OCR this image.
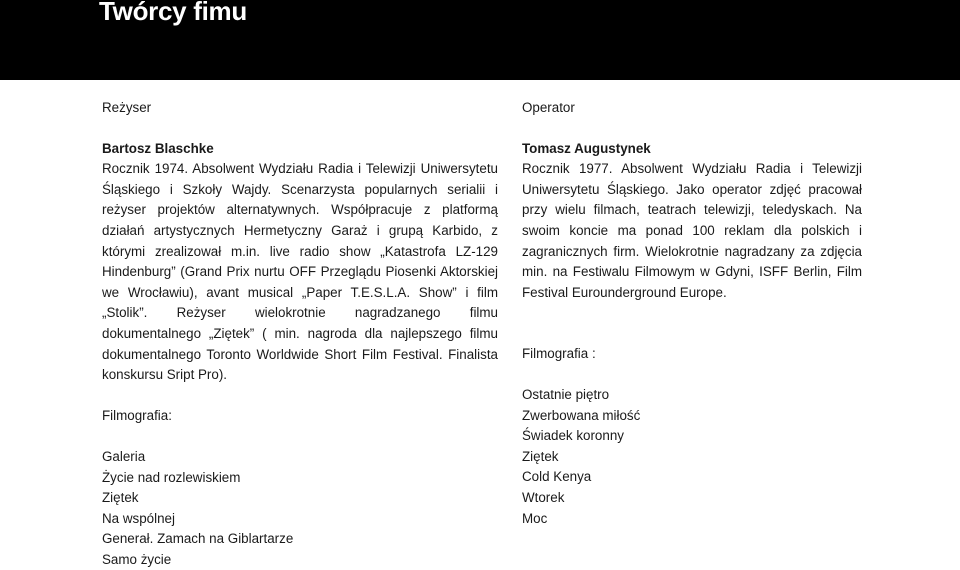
Twórcy fimu
Reżyser
Bartosz Blaschke

Rocznik 1974. Absolwent Wydziału Radia i Telewizji Uniwersytetu Śląskiego i Szkoły Wajdy. Scenarzysta popularnych serialii i reżyser projektów alternatywnych. Współpracuje z platformą działań artystycznych Hermetyczny Garaż i grupą Karbido, z którymi zrealizował m.in. live radio show „Katastrofa LZ-129 Hindenburg” (Grand Prix nurtu OFF Przeglądu Piosenki Aktorskiej we Wrocławiu), avant musical „Paper T.E.S.L.A. Show” i film „Stolik”. Reżyser wielokrotnie nagradzanego filmu dokumentalnego „Ziętek” ( min. nagroda dla najlepszego filmu dokumentalnego Toronto Worldwide Short Film Festival. Finalista konskursu Sript Pro).

Filmografia:
Galeria
Życie nad rozlewiskiem
Ziętek
Na wspólnej
Generał. Zamach na Giblartarze
Samo życie
Operator
Tomasz Augustynek

Rocznik 1977. Absolwent Wydziału Radia i Telewizji Uniwersytetu Śląskiego. Jako operator zdjęć pracował przy wielu filmach, teatrach telewizji, teledyskach. Na swoim koncie ma ponad 100 reklam dla polskich i zagranicznych firm. Wielokrotnie nagradzany za zdjęcia min. na Festiwalu Filmowym w Gdyni, ISFF Berlin, Film Festival Eurounderground Europe.

Filmografia :
Ostatnie piętro
Zwerbowana miłość
Świadek koronny
Ziętek
Cold Kenya
Wtorek
Moc
